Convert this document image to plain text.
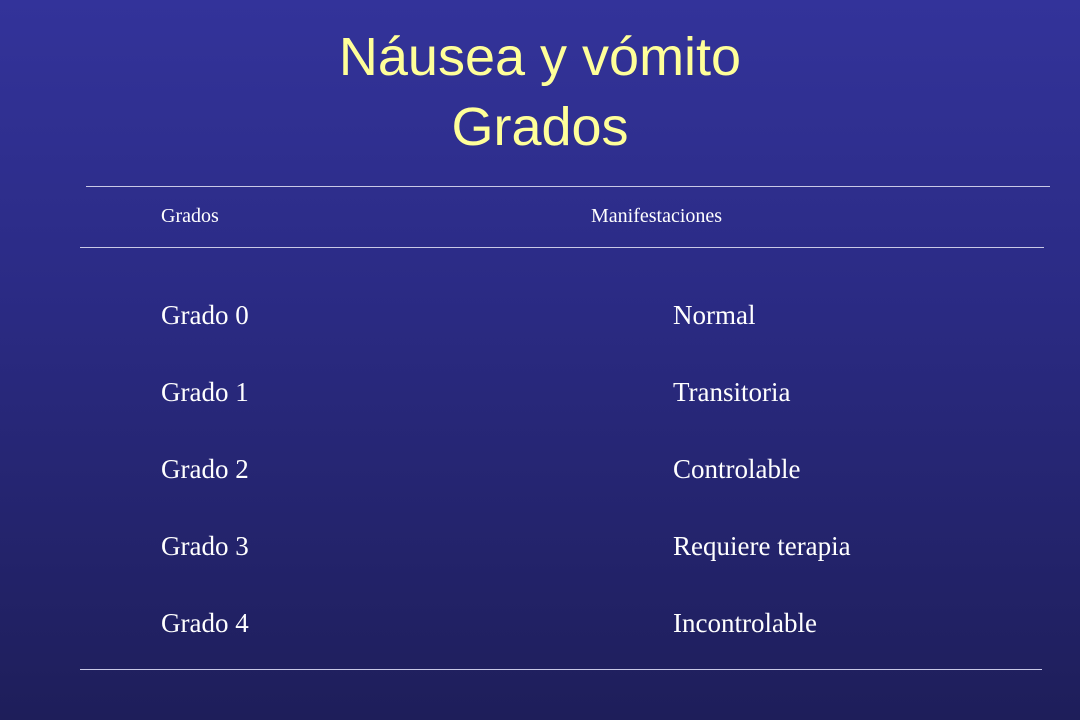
Náusea y vómito
Grados
Grados	Manifestaciones
Grado 0	Normal
Grado 1	Transitoria
Grado 2	Controlable
Grado 3	Requiere terapia
Grado 4	Incontrolable
